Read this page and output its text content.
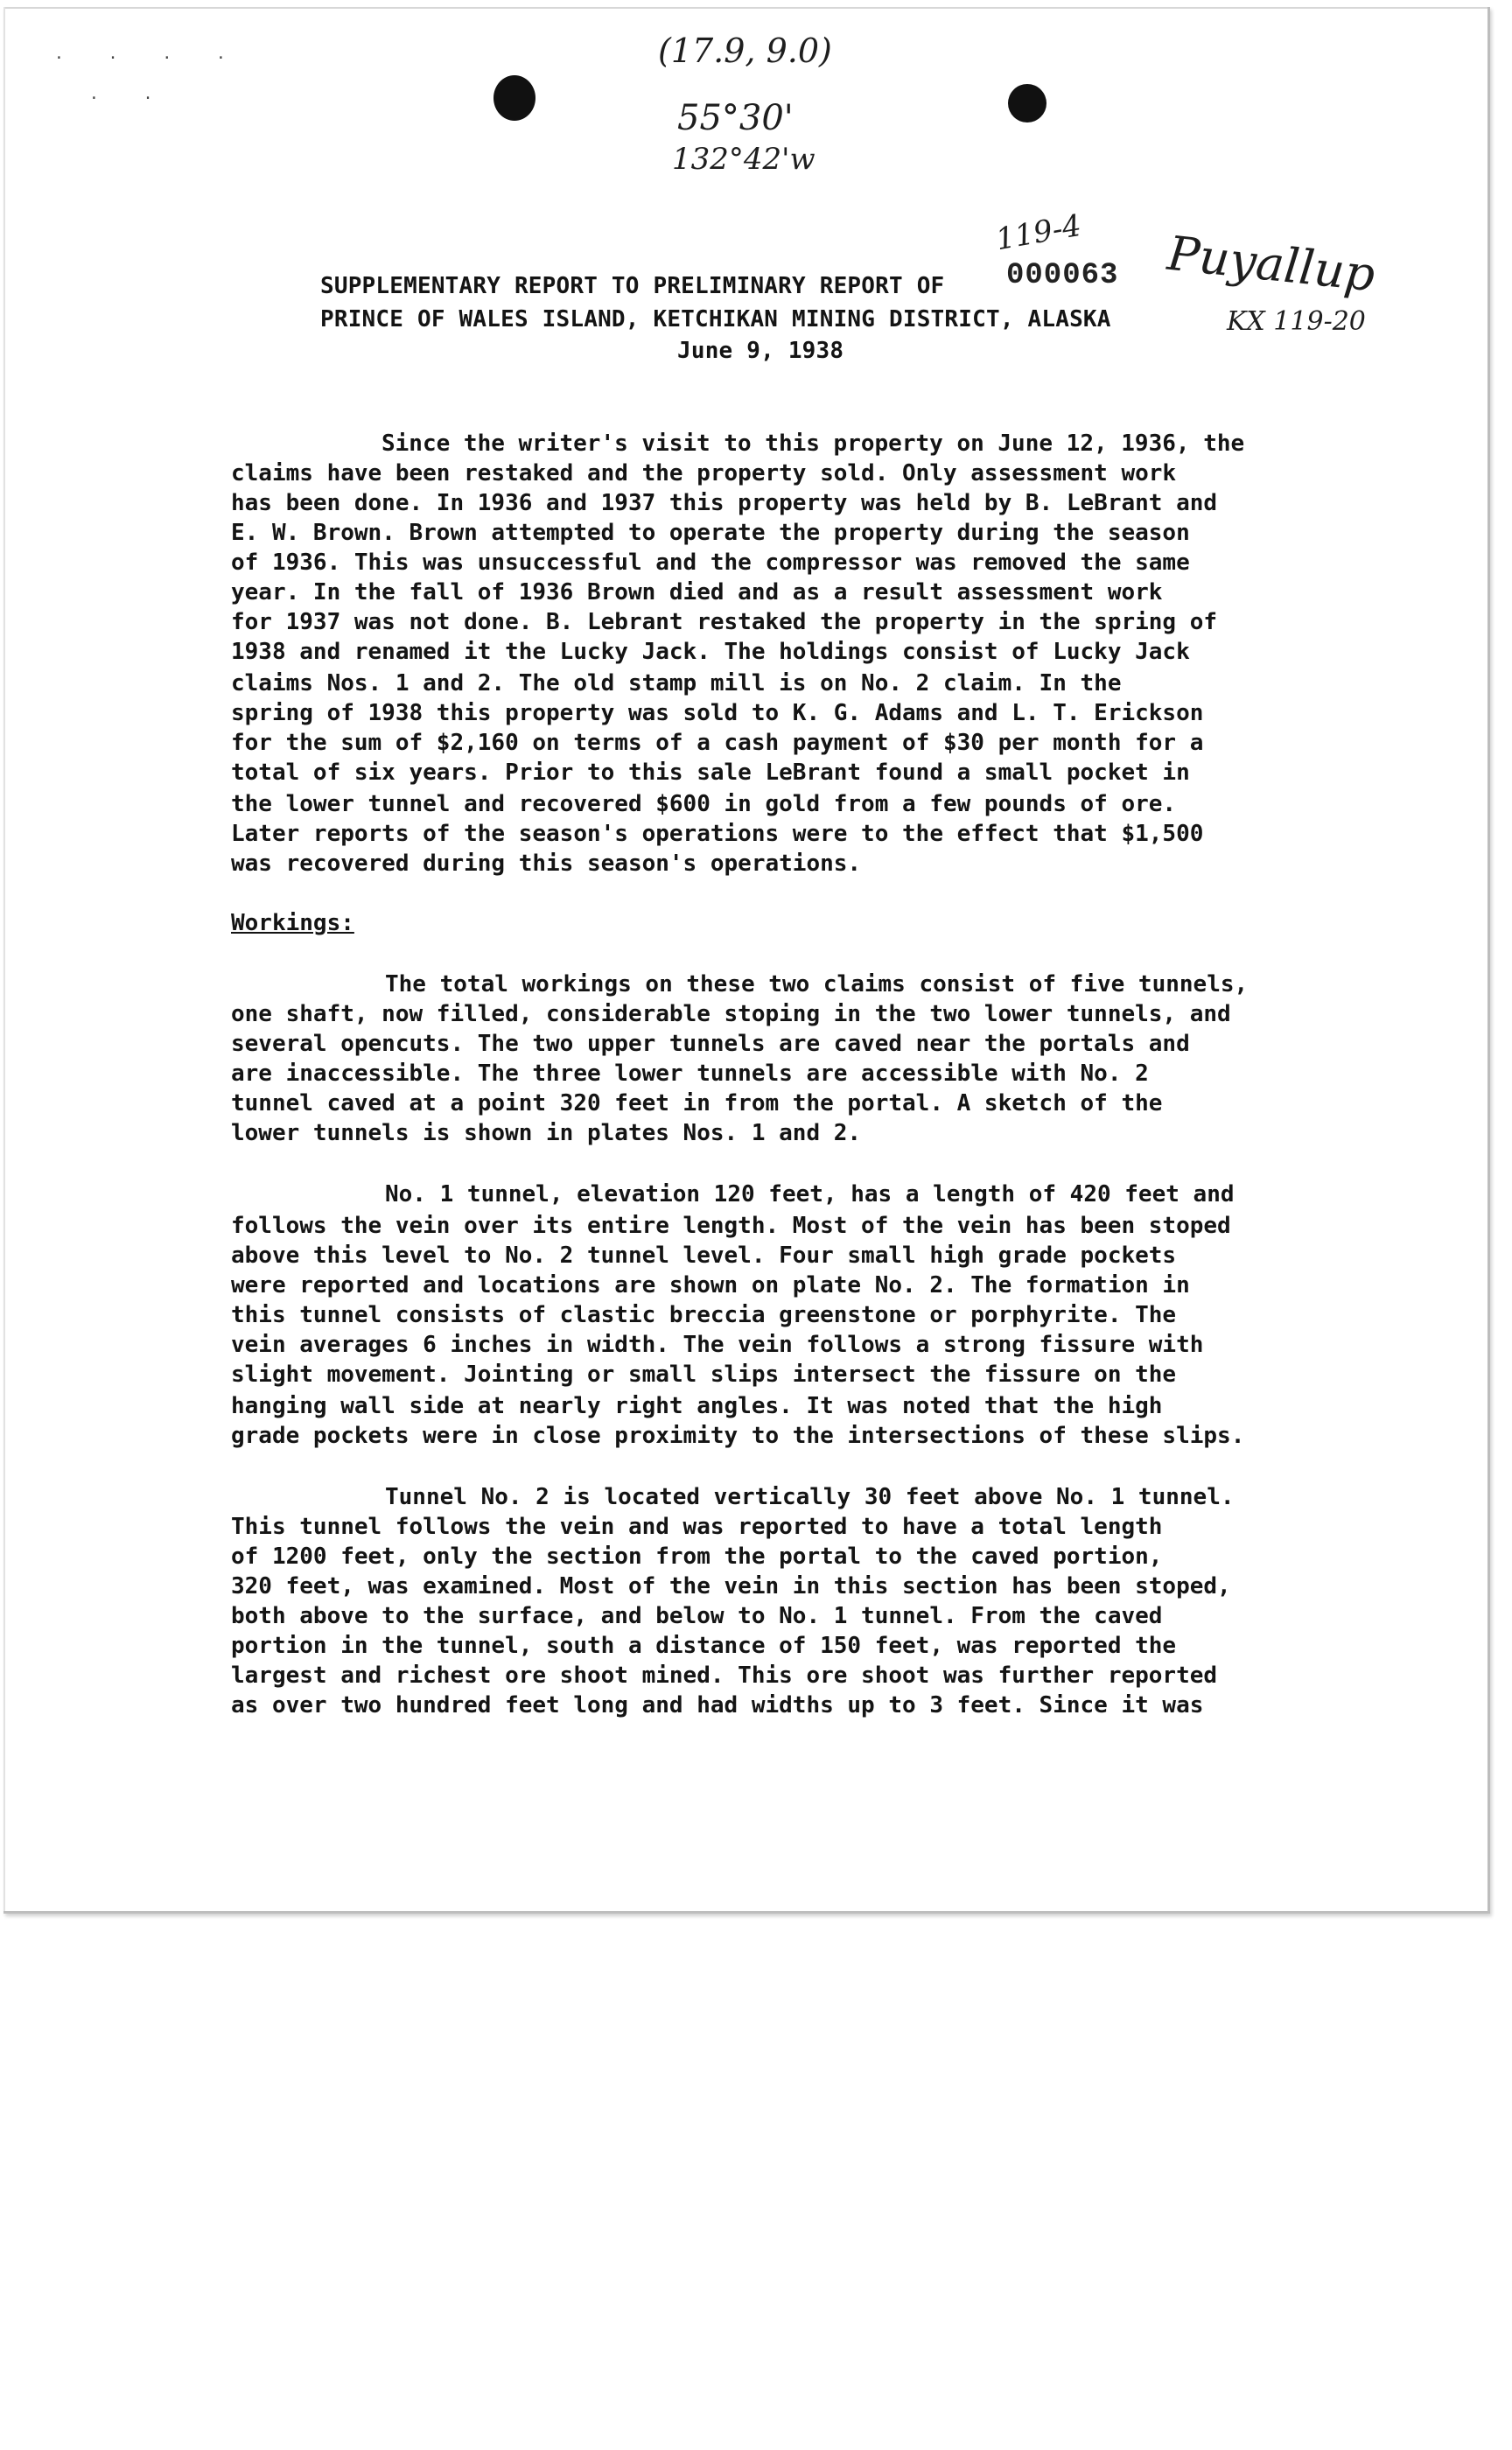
· · · ·
· ·
(17.9, 9.0)
55°30'
132°42'w
119-4 Puyallup
KX 119-20
000063
SUPPLEMENTARY REPORT TO PRELIMINARY REPORT OF
PRINCE OF WALES ISLAND, KETCHIKAN MINING DISTRICT, ALASKA
June 9, 1938
Since the writer's visit to this property on June 12, 1936, the
claims have been restaked and the property sold. Only assessment work
has been done. In 1936 and 1937 this property was held by B. LeBrant and
E. W. Brown. Brown attempted to operate the property during the season
of 1936. This was unsuccessful and the compressor was removed the same
year. In the fall of 1936 Brown died and as a result assessment work
for 1937 was not done. B. Lebrant restaked the property in the spring of
1938 and renamed it the Lucky Jack. The holdings consist of Lucky Jack
claims Nos. 1 and 2. The old stamp mill is on No. 2 claim. In the
spring of 1938 this property was sold to K. G. Adams and L. T. Erickson
for the sum of $2,160 on terms of a cash payment of $30 per month for a
total of six years. Prior to this sale LeBrant found a small pocket in
the lower tunnel and recovered $600 in gold from a few pounds of ore.
Later reports of the season's operations were to the effect that $1,500
was recovered during this season's operations.
Workings:
The total workings on these two claims consist of five tunnels,
one shaft, now filled, considerable stoping in the two lower tunnels, and
several opencuts. The two upper tunnels are caved near the portals and
are inaccessible. The three lower tunnels are accessible with No. 2
tunnel caved at a point 320 feet in from the portal. A sketch of the
lower tunnels is shown in plates Nos. 1 and 2.
No. 1 tunnel, elevation 120 feet, has a length of 420 feet and
follows the vein over its entire length. Most of the vein has been stoped
above this level to No. 2 tunnel level. Four small high grade pockets
were reported and locations are shown on plate No. 2. The formation in
this tunnel consists of clastic breccia greenstone or porphyrite. The
vein averages 6 inches in width. The vein follows a strong fissure with
slight movement. Jointing or small slips intersect the fissure on the
hanging wall side at nearly right angles. It was noted that the high
grade pockets were in close proximity to the intersections of these slips.
Tunnel No. 2 is located vertically 30 feet above No. 1 tunnel.
This tunnel follows the vein and was reported to have a total length
of 1200 feet, only the section from the portal to the caved portion,
320 feet, was examined. Most of the vein in this section has been stoped,
both above to the surface, and below to No. 1 tunnel. From the caved
portion in the tunnel, south a distance of 150 feet, was reported the
largest and richest ore shoot mined. This ore shoot was further reported
as over two hundred feet long and had widths up to 3 feet. Since it was
